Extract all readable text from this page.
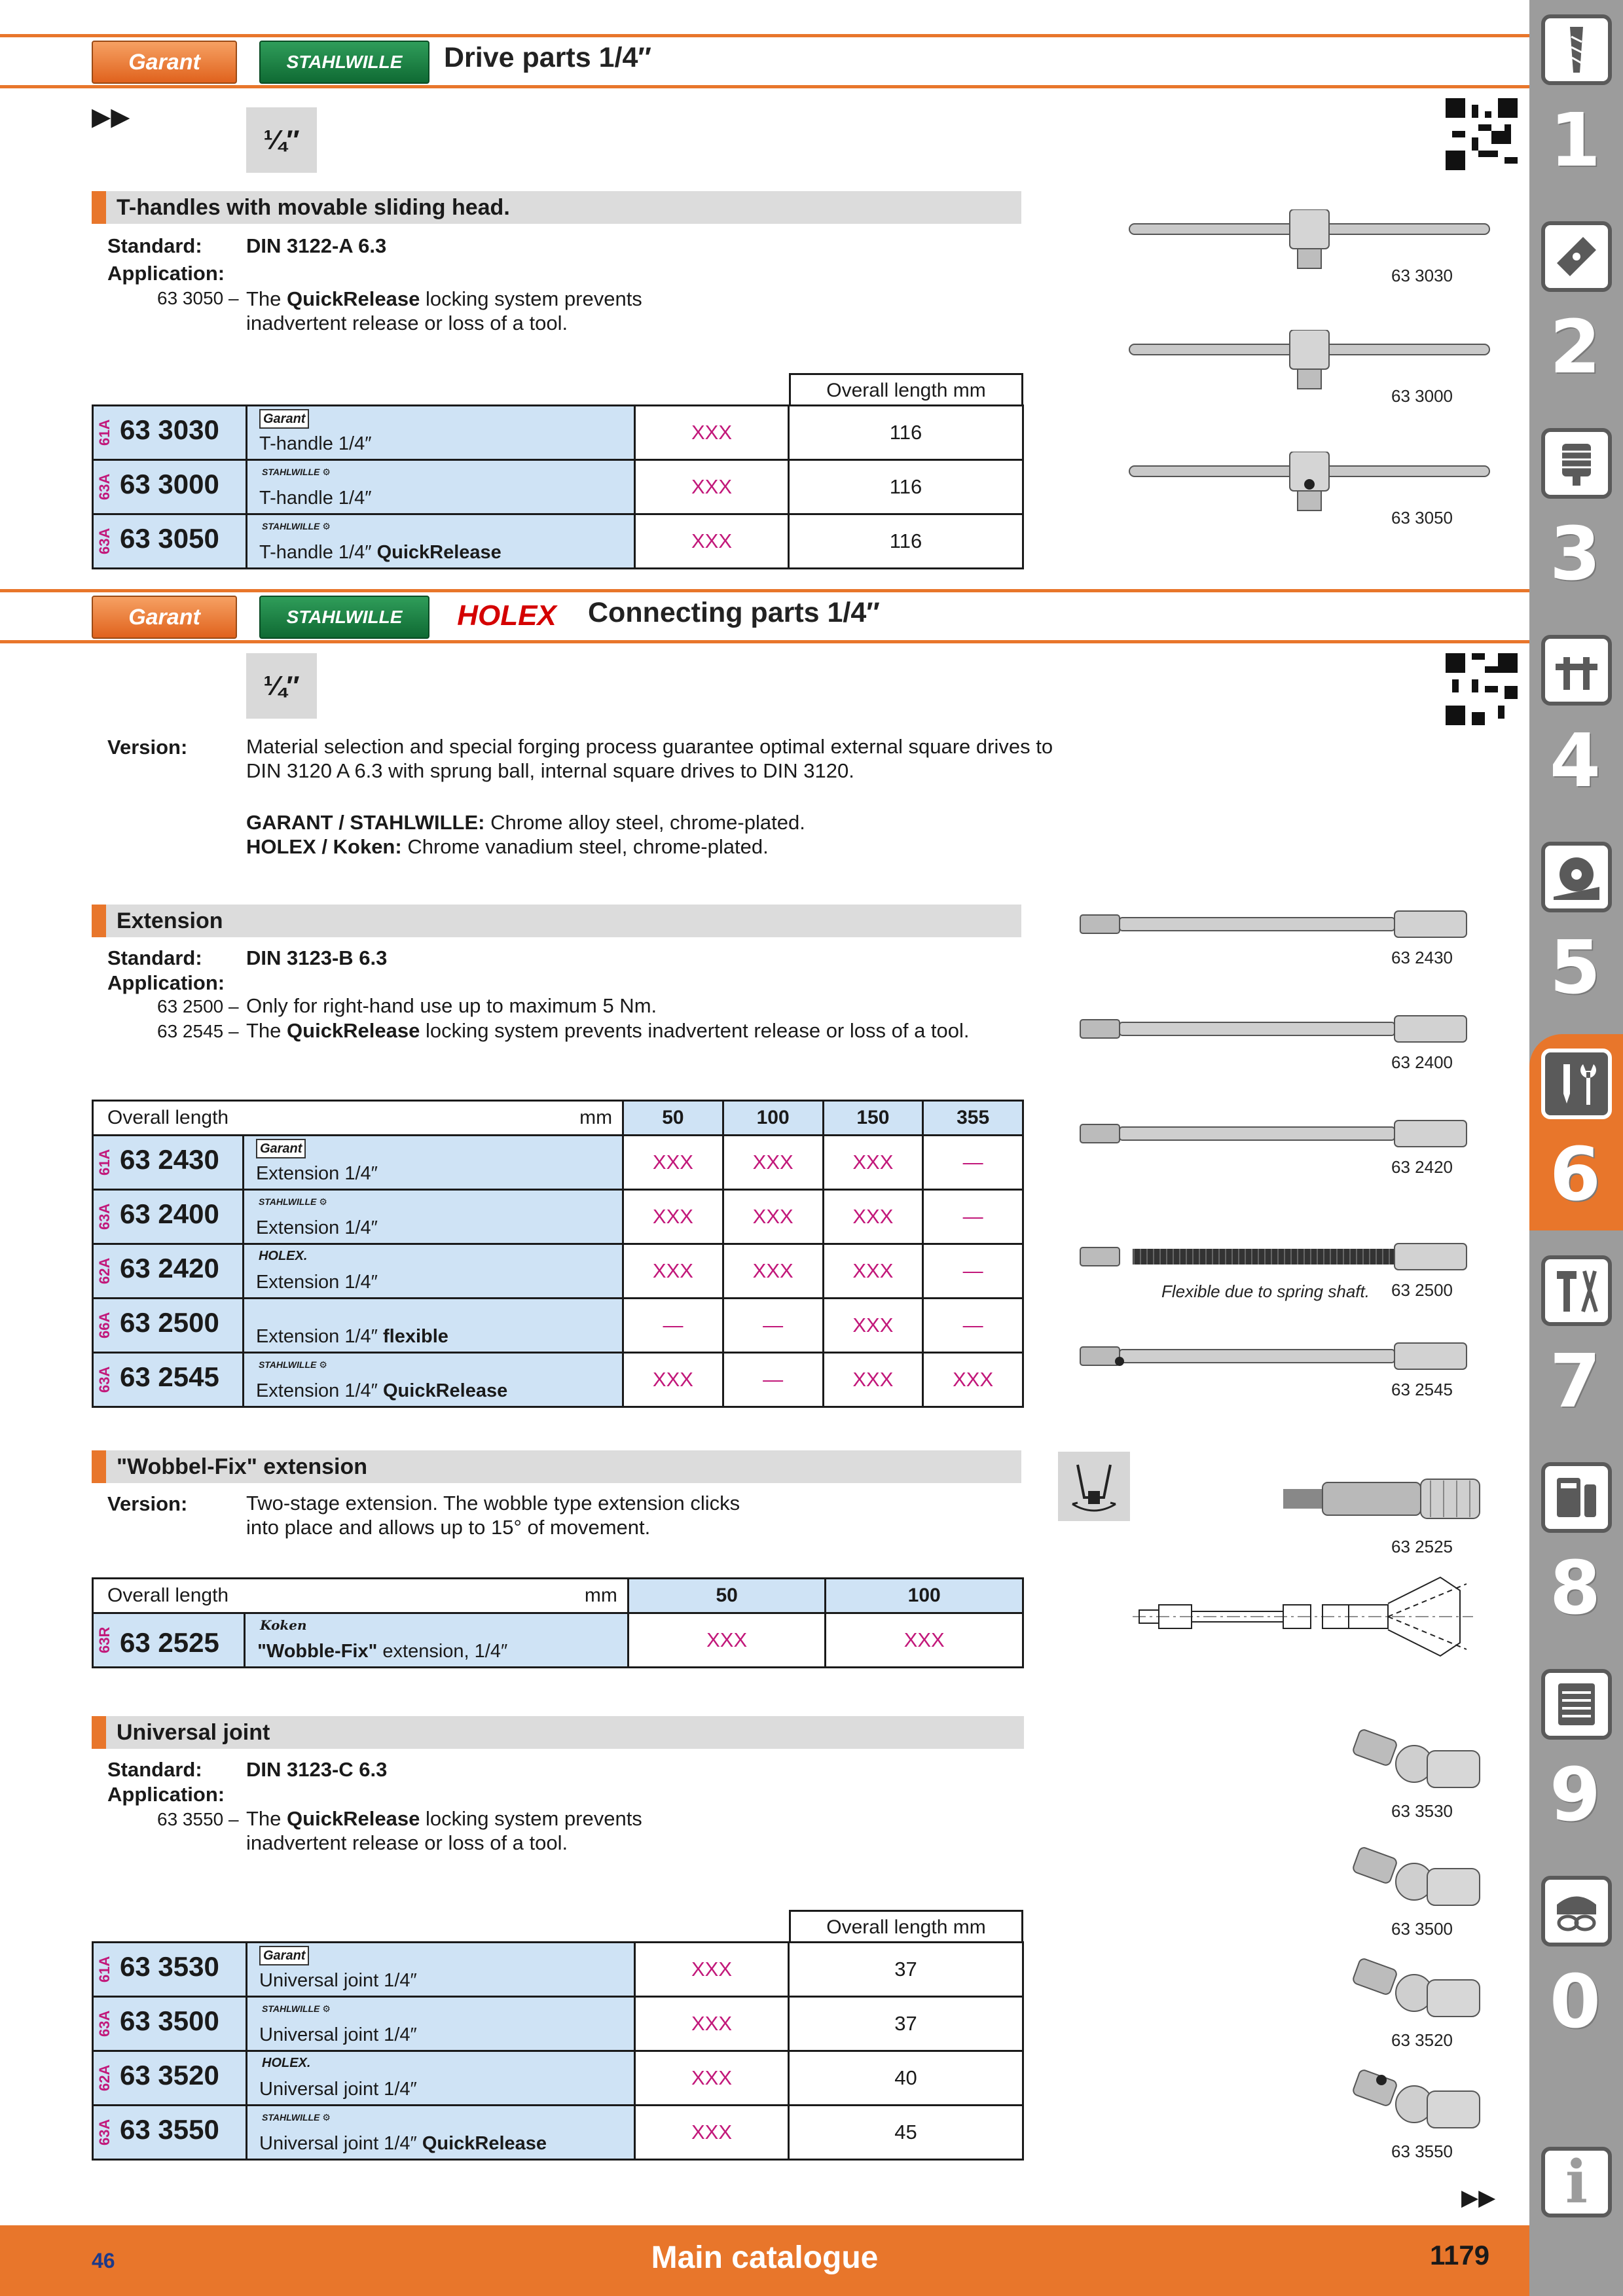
Garant	STAHLWILLE	Drive parts 1/4″
▶▶
¼″
T-handles with movable sliding head.
Standard: DIN 3122-A 6.3
Application:
63 3050 – The QuickRelease locking system prevents
inadvertent release or loss of a tool.
Overall length mm
61A 63 3030	Garant
T-handle 1/4″	XXX	116

63A 63 3000	STAHLWILLE ⚙
T-handle 1/4″	XXX	116

63A 63 3050	STAHLWILLE ⚙
T-handle 1/4″ QuickRelease	XXX	116
63 3030
63 3000
63 3050
Garant	STAHLWILLE	HOLEX	Connecting parts 1/4″
¼″
Version:	Material selection and special forging process guarantee optimal external square drives to
DIN 3120 A 6.3 with sprung ball, internal square drives to DIN 3120.
GARANT / STAHLWILLE: Chrome alloy steel, chrome-plated.
HOLEX / Koken: Chrome vanadium steel, chrome-plated.
Extension
Standard: DIN 3123-B 6.3
Application:
63 2500 – Only for right-hand use up to maximum 5 Nm.
63 2545 – The QuickRelease locking system prevents inadvertent release or loss of a tool.
Overall length mm		50	100	150	355

61A 63 2430	Garant
Extension 1/4″	XXX	XXX	XXX	—

63A 63 2400	STAHLWILLE ⚙
Extension 1/4″	XXX	XXX	XXX	—

62A 63 2420	HOLEX.
Extension 1/4″	XXX	XXX	XXX	—

66A 63 2500	Extension 1/4″ flexible	—	—	XXX	—

63A 63 2545	STAHLWILLE ⚙
Extension 1/4″ QuickRelease	XXX	—	XXX	XXX
63 2430
63 2400
63 2420
63 2500
63 2545
Flexible due to spring shaft.
"Wobbel-Fix" extension
Version:	Two-stage extension. The wobble type extension clicks
into place and allows up to 15° of movement.
Overall length mm		50	100

63R 63 2525	Koken
"Wobble-Fix" extension, 1/4″	XXX	XXX
63 2525
Universal joint
Standard: DIN 3123-C 6.3
Application:
63 3550 – The QuickRelease locking system prevents
inadvertent release or loss of a tool.
Overall length mm
61A 63 3530	Garant
Universal joint 1/4″	XXX	37

63A 63 3500	STAHLWILLE ⚙
Universal joint 1/4″	XXX	37

62A 63 3520	HOLEX.
Universal joint 1/4″	XXX	40

63A 63 3550	STAHLWILLE ⚙
Universal joint 1/4″ QuickRelease	XXX	45
63 3530
63 3500
63 3520
63 3550
▶▶
46	Main catalogue	1179
1
2
3
4
5
6
7
8
9
0
i
